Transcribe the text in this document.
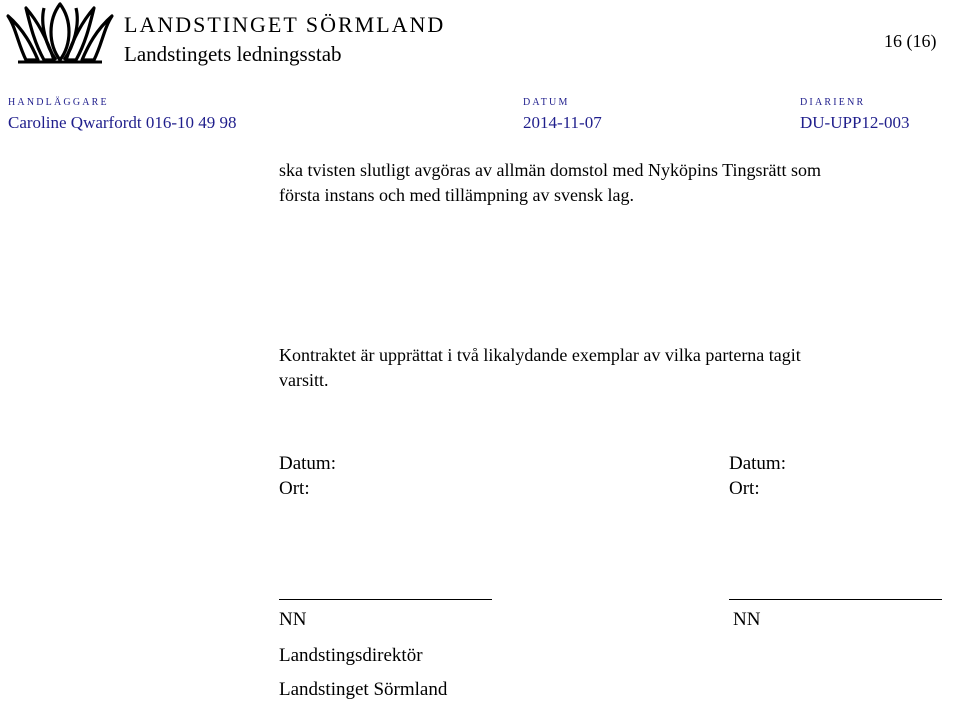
LANDSTINGET SÖRMLAND
Landstingets ledningsstab
16 (16)
HANDLÄGGARE
Caroline Qwarfordt 016-10 49 98
DATUM
2014-11-07
DIARIENR
DU-UPP12-003
ska tvisten slutligt avgöras av allmän domstol med Nyköpins Tingsrätt som
första instans och med tillämpning av svensk lag.
Kontraktet är upprättat i två likalydande exemplar av vilka parterna tagit
varsitt.
Datum:
Ort:
NN
Landstingsdirektör
Landstinget Sörmland
Datum:
Ort:
NN
